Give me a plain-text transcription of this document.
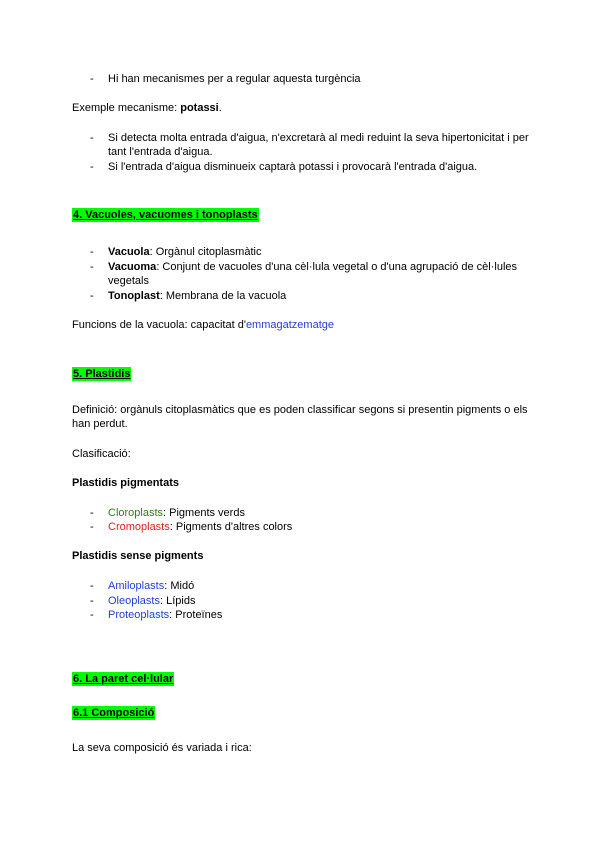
- Hi han mecanismes per a regular aquesta turgència
Exemple mecanisme: potassi.
- Si detecta molta entrada d'aigua, n'excretarà al medi reduint la seva hipertonicitat i per tant l'entrada d'aigua.
- Si l'entrada d'aigua disminueix captarà potassi i provocarà l'entrada d'aigua.
4. Vacuoles, vacuomes i tonoplasts
- Vacuola: Orgànul citoplasmàtic
- Vacuoma: Conjunt de vacuoles d'una cèl·lula vegetal o d'una agrupació de cèl·lules vegetals
- Tonoplast: Membrana de la vacuola
Funcions de la vacuola: capacitat d'emmagatzematge
5. Plastidis
Definició: orgànuls citoplasmàtics que es poden classificar segons si presentin pigments o els han perdut.
Clasificació:
Plastidis pigmentats
- Cloroplasts: Pigments verds
- Cromoplasts: Pigments d'altres colors
Plastidis sense pigments
- Amiloplasts: Midó
- Oleoplasts: Lípids
- Proteoplasts: Proteïnes
6. La paret cel·lular
6.1 Composició
La seva composició és variada i rica:
